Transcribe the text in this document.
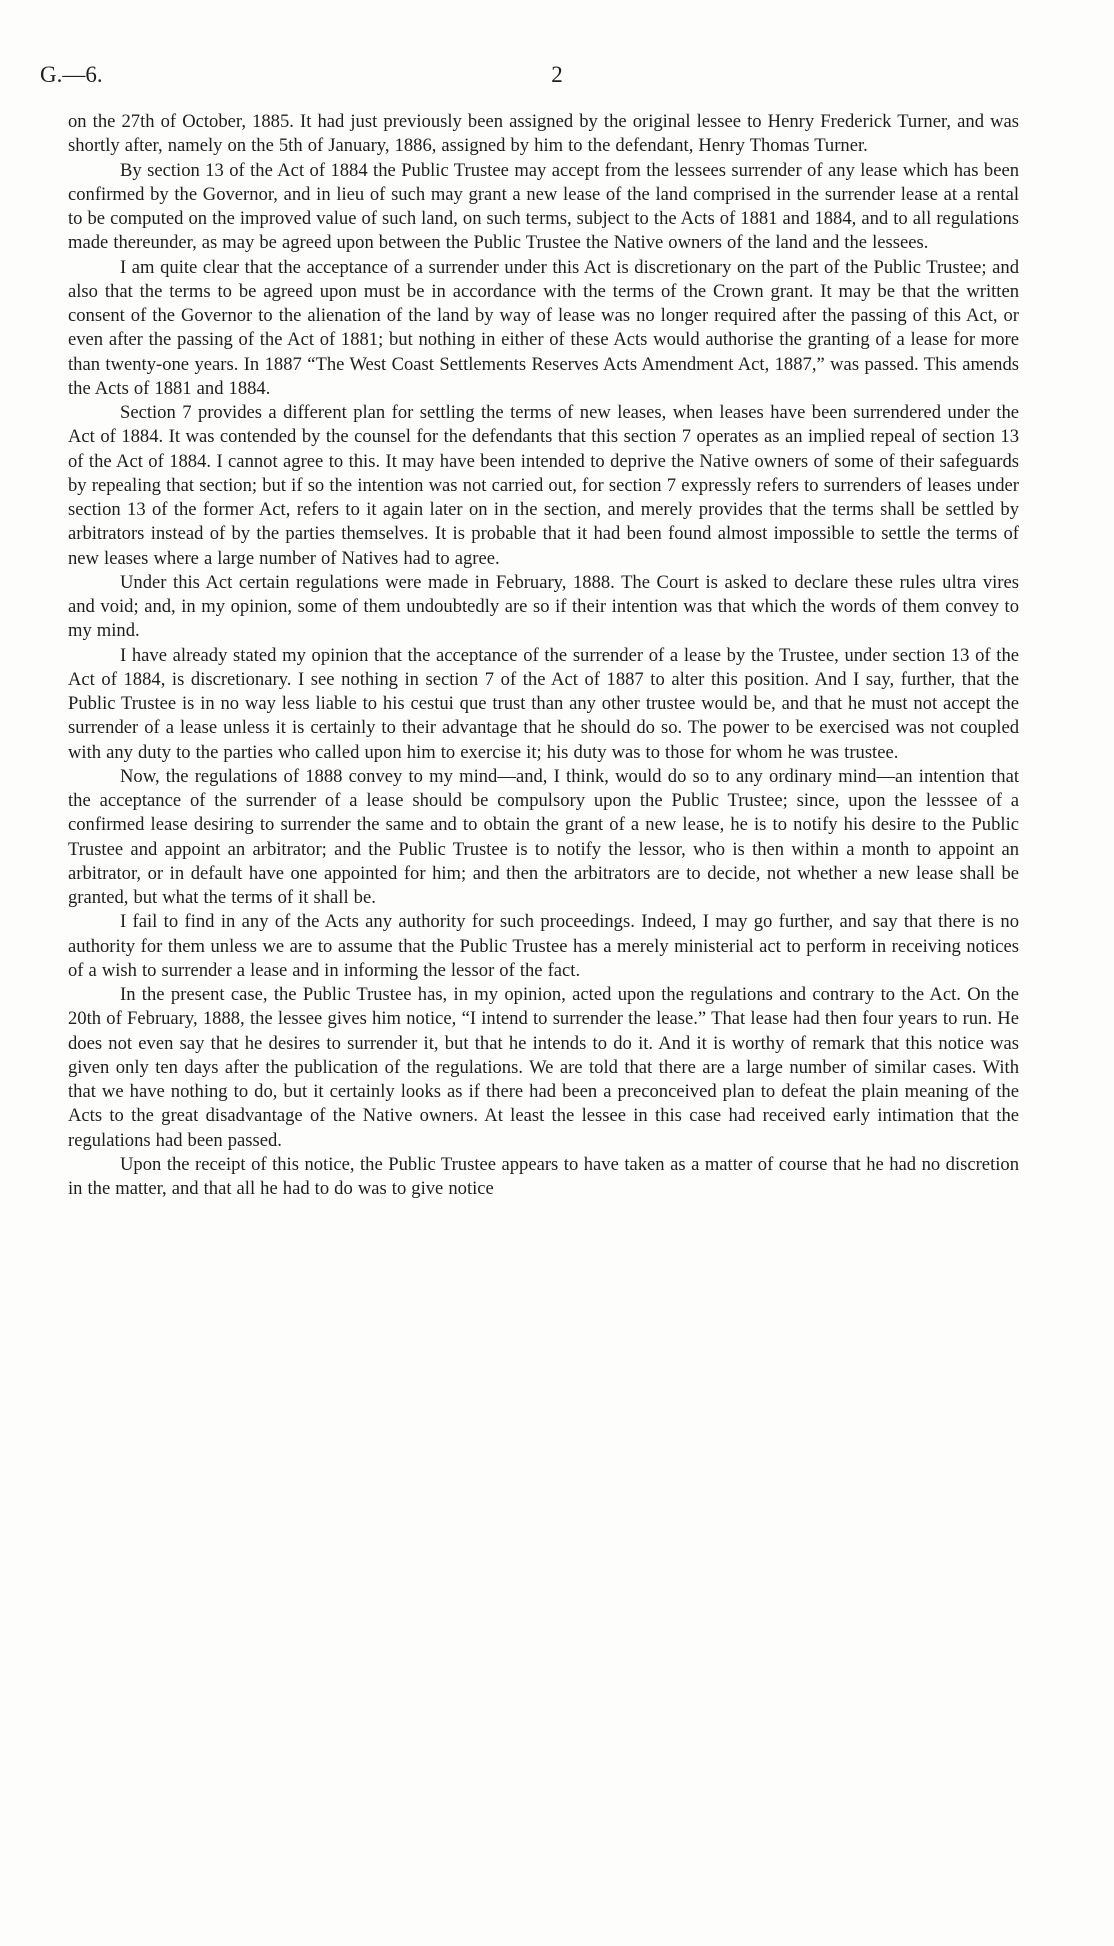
G.—6.	2

on the 27th of October, 1885. It had just previously been assigned by the original lessee to Henry Frederick Turner, and was shortly after, namely on the 5th of January, 1886, assigned by him to the defendant, Henry Thomas Turner.

By section 13 of the Act of 1884 the Public Trustee may accept from the lessees surrender of any lease which has been confirmed by the Governor, and in lieu of such may grant a new lease of the land comprised in the surrender lease at a rental to be computed on the improved value of such land, on such terms, subject to the Acts of 1881 and 1884, and to all regulations made thereunder, as may be agreed upon between the Public Trustee the Native owners of the land and the lessees.

I am quite clear that the acceptance of a surrender under this Act is discretionary on the part of the Public Trustee; and also that the terms to be agreed upon must be in accordance with the terms of the Crown grant. It may be that the written consent of the Governor to the alienation of the land by way of lease was no longer required after the passing of this Act, or even after the passing of the Act of 1881; but nothing in either of these Acts would authorise the granting of a lease for more than twenty-one years. In 1887 “The West Coast Settlements Reserves Acts Amendment Act, 1887,” was passed. This amends the Acts of 1881 and 1884.

Section 7 provides a different plan for settling the terms of new leases, when leases have been surrendered under the Act of 1884. It was contended by the counsel for the defendants that this section 7 operates as an implied repeal of section 13 of the Act of 1884. I cannot agree to this. It may have been intended to deprive the Native owners of some of their safeguards by repealing that section; but if so the intention was not carried out, for section 7 expressly refers to surrenders of leases under section 13 of the former Act, refers to it again later on in the section, and merely provides that the terms shall be settled by arbitrators instead of by the parties themselves. It is probable that it had been found almost impossible to settle the terms of new leases where a large number of Natives had to agree.

Under this Act certain regulations were made in February, 1888. The Court is asked to declare these rules ultra vires and void; and, in my opinion, some of them undoubtedly are so if their intention was that which the words of them convey to my mind.

I have already stated my opinion that the acceptance of the surrender of a lease by the Trustee, under section 13 of the Act of 1884, is discretionary. I see nothing in section 7 of the Act of 1887 to alter this position. And I say, further, that the Public Trustee is in no way less liable to his cestui que trust than any other trustee would be, and that he must not accept the surrender of a lease unless it is certainly to their advantage that he should do so. The power to be exercised was not coupled with any duty to the parties who called upon him to exercise it; his duty was to those for whom he was trustee.

Now, the regulations of 1888 convey to my mind—and, I think, would do so to any ordinary mind—an intention that the acceptance of the surrender of a lease should be compulsory upon the Public Trustee; since, upon the lesssee of a confirmed lease desiring to surrender the same and to obtain the grant of a new lease, he is to notify his desire to the Public Trustee and appoint an arbitrator; and the Public Trustee is to notify the lessor, who is then within a month to appoint an arbitrator, or in default have one appointed for him; and then the arbitrators are to decide, not whether a new lease shall be granted, but what the terms of it shall be.

I fail to find in any of the Acts any authority for such proceedings. Indeed, I may go further, and say that there is no authority for them unless we are to assume that the Public Trustee has a merely ministerial act to perform in receiving notices of a wish to surrender a lease and in informing the lessor of the fact.

In the present case, the Public Trustee has, in my opinion, acted upon the regulations and contrary to the Act. On the 20th of February, 1888, the lessee gives him notice, “I intend to surrender the lease.” That lease had then four years to run. He does not even say that he desires to surrender it, but that he intends to do it. And it is worthy of remark that this notice was given only ten days after the publication of the regulations. We are told that there are a large number of similar cases. With that we have nothing to do, but it certainly looks as if there had been a preconceived plan to defeat the plain meaning of the Acts to the great disadvantage of the Native owners. At least the lessee in this case had received early intimation that the regulations had been passed.

Upon the receipt of this notice, the Public Trustee appears to have taken as a matter of course that he had no discretion in the matter, and that all he had to do was to give notice
